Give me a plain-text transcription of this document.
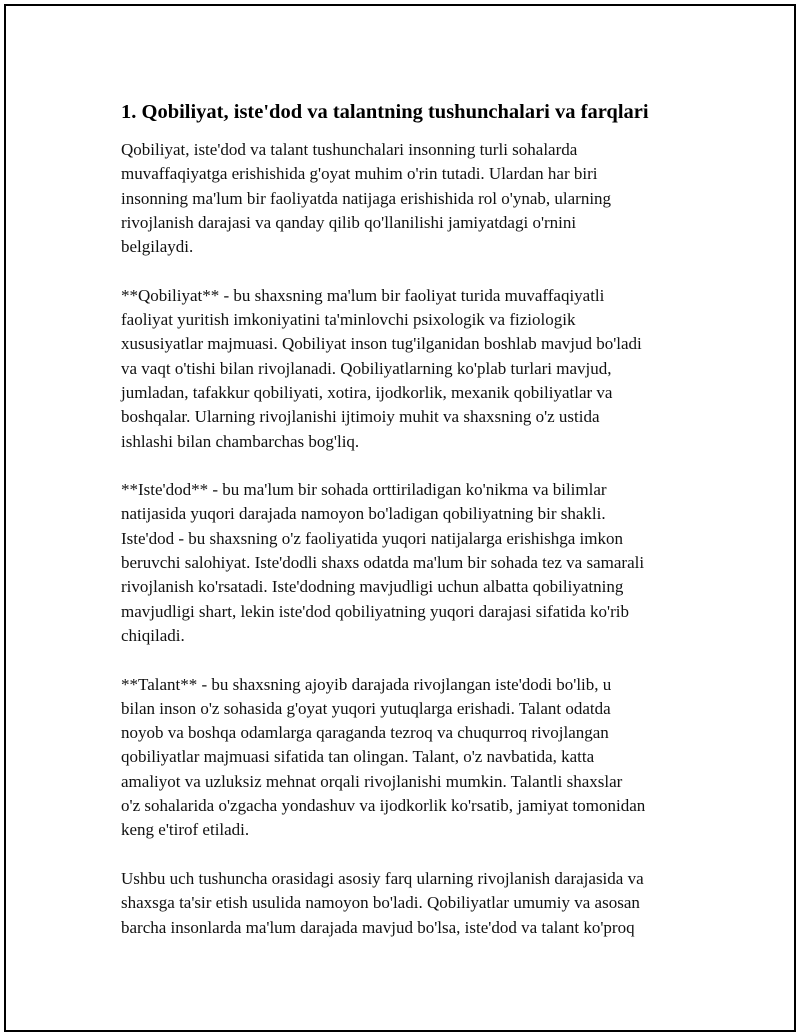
1. Qobiliyat, iste'dod va talantning tushunchalari va farqlari

Qobiliyat, iste'dod va talant tushunchalari insonning turli sohalarda
muvaffaqiyatga erishishida g'oyat muhim o'rin tutadi. Ulardan har biri
insonning ma'lum bir faoliyatda natijaga erishishida rol o'ynab, ularning
rivojlanish darajasi va qanday qilib qo'llanilishi jamiyatdagi o'rnini
belgilaydi.

**Qobiliyat** - bu shaxsning ma'lum bir faoliyat turida muvaffaqiyatli
faoliyat yuritish imkoniyatini ta'minlovchi psixologik va fiziologik
xususiyatlar majmuasi. Qobiliyat inson tug'ilganidan boshlab mavjud bo'ladi
va vaqt o'tishi bilan rivojlanadi. Qobiliyatlarning ko'plab turlari mavjud,
jumladan, tafakkur qobiliyati, xotira, ijodkorlik, mexanik qobiliyatlar va
boshqalar. Ularning rivojlanishi ijtimoiy muhit va shaxsning o'z ustida
ishlashi bilan chambarchas bog'liq.

**Iste'dod** - bu ma'lum bir sohada orttiriladigan ko'nikma va bilimlar
natijasida yuqori darajada namoyon bo'ladigan qobiliyatning bir shakli.
Iste'dod - bu shaxsning o'z faoliyatida yuqori natijalarga erishishga imkon
beruvchi salohiyat. Iste'dodli shaxs odatda ma'lum bir sohada tez va samarali
rivojlanish ko'rsatadi. Iste'dodning mavjudligi uchun albatta qobiliyatning
mavjudligi shart, lekin iste'dod qobiliyatning yuqori darajasi sifatida ko'rib
chiqiladi.

**Talant** - bu shaxsning ajoyib darajada rivojlangan iste'dodi bo'lib, u
bilan inson o'z sohasida g'oyat yuqori yutuqlarga erishadi. Talant odatda
noyob va boshqa odamlarga qaraganda tezroq va chuqurroq rivojlangan
qobiliyatlar majmuasi sifatida tan olingan. Talant, o'z navbatida, katta
amaliyot va uzluksiz mehnat orqali rivojlanishi mumkin. Talantli shaxslar
o'z sohalarida o'zgacha yondashuv va ijodkorlik ko'rsatib, jamiyat tomonidan
keng e'tirof etiladi.

Ushbu uch tushuncha orasidagi asosiy farq ularning rivojlanish darajasida va
shaxsga ta'sir etish usulida namoyon bo'ladi. Qobiliyatlar umumiy va asosan
barcha insonlarda ma'lum darajada mavjud bo'lsa, iste'dod va talant ko'proq
